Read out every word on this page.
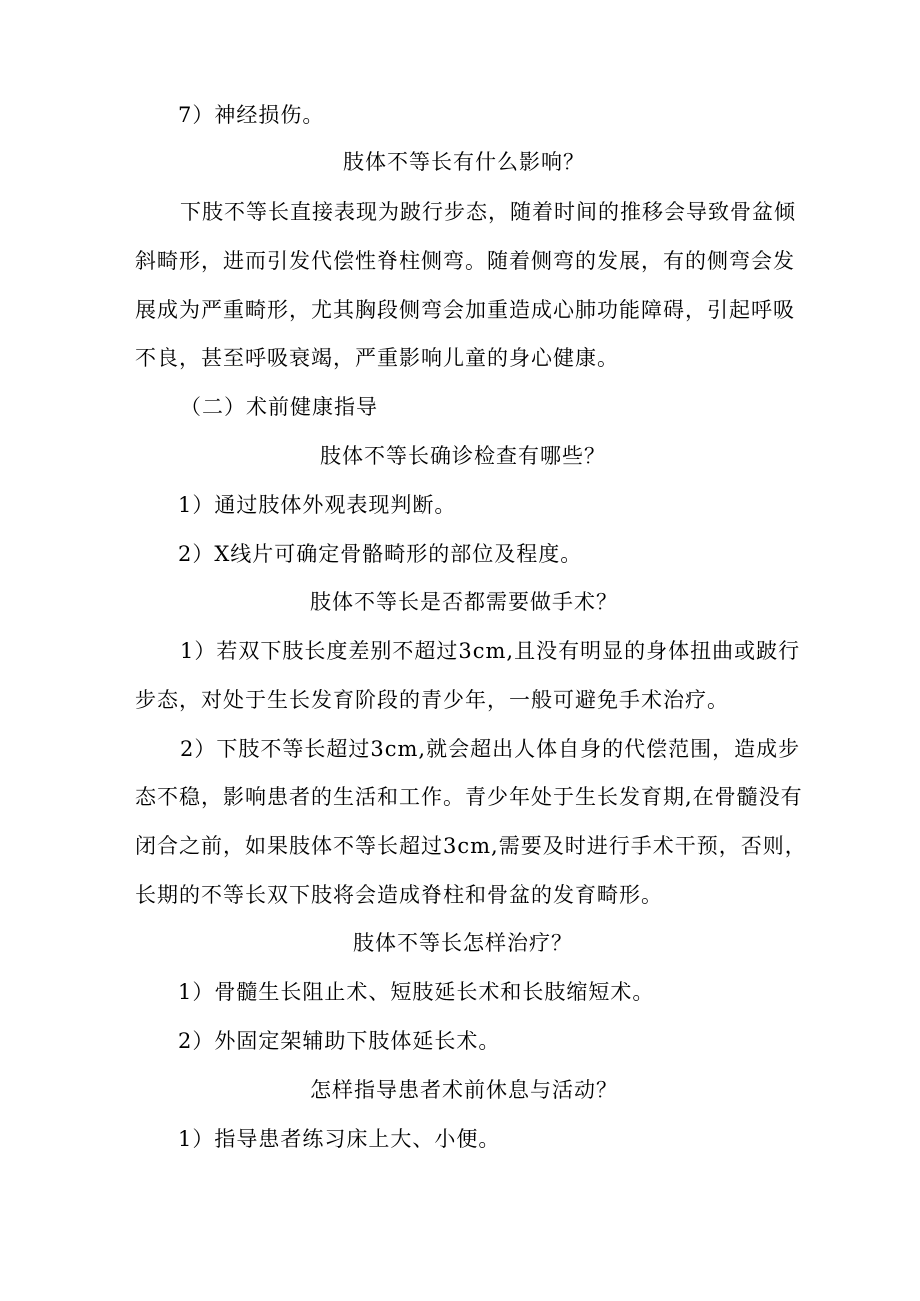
7）神经损伤。
肢体不等长有什么影响？
下肢不等长直接表现为跛行步态，随着时间的推移会导致骨盆倾
斜畸形，进而引发代偿性脊柱侧弯。随着侧弯的发展，有的侧弯会发
展成为严重畸形，尤其胸段侧弯会加重造成心肺功能障碍，引起呼吸
不良，甚至呼吸衰竭，严重影响儿童的身心健康。
（二）术前健康指导
肢体不等长确诊检查有哪些？
1）通过肢体外观表现判断。
2）X线片可确定骨骼畸形的部位及程度。
肢体不等长是否都需要做手术？
1）若双下肢长度差别不超过3cm,且没有明显的身体扭曲或跛行
步态，对处于生长发育阶段的青少年，一般可避免手术治疗。
2）下肢不等长超过3cm,就会超出人体自身的代偿范围，造成步
态不稳，影响患者的生活和工作。青少年处于生长发育期,在骨髓没有
闭合之前，如果肢体不等长超过3cm,需要及时进行手术干预，否则，
长期的不等长双下肢将会造成脊柱和骨盆的发育畸形。
肢体不等长怎样治疗？
1）骨髓生长阻止术、短肢延长术和长肢缩短术。
2）外固定架辅助下肢体延长术。
怎样指导患者术前休息与活动？
1）指导患者练习床上大、小便。
